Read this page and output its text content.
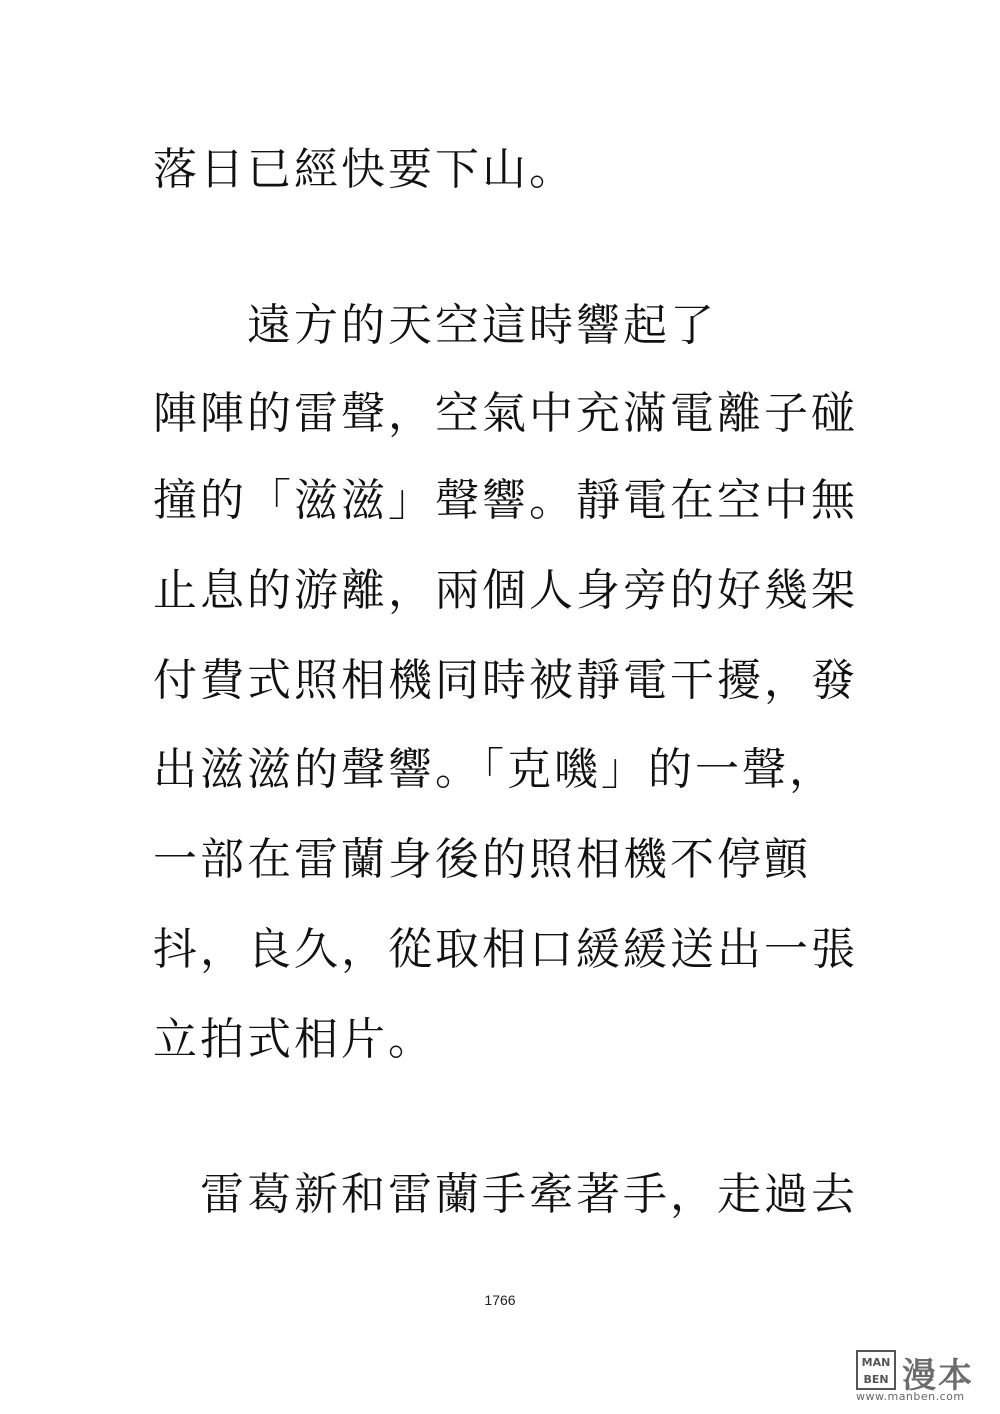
落日已經快要下山。
　　遠方的天空這時響起了
陣陣的雷聲，空氣中充滿電離子碰
撞的「滋滋」聲響。靜電在空中無
止息的游離，兩個人身旁的好幾架
付費式照相機同時被靜電干擾，發
出滋滋的聲響。「克嘰」的一聲，
一部在雷蘭身後的照相機不停顫
抖，良久，從取相口緩緩送出一張
立拍式相片。
　雷葛新和雷蘭手牽著手，走過去
1766
MAN BEN 漫本
www.manben.com
